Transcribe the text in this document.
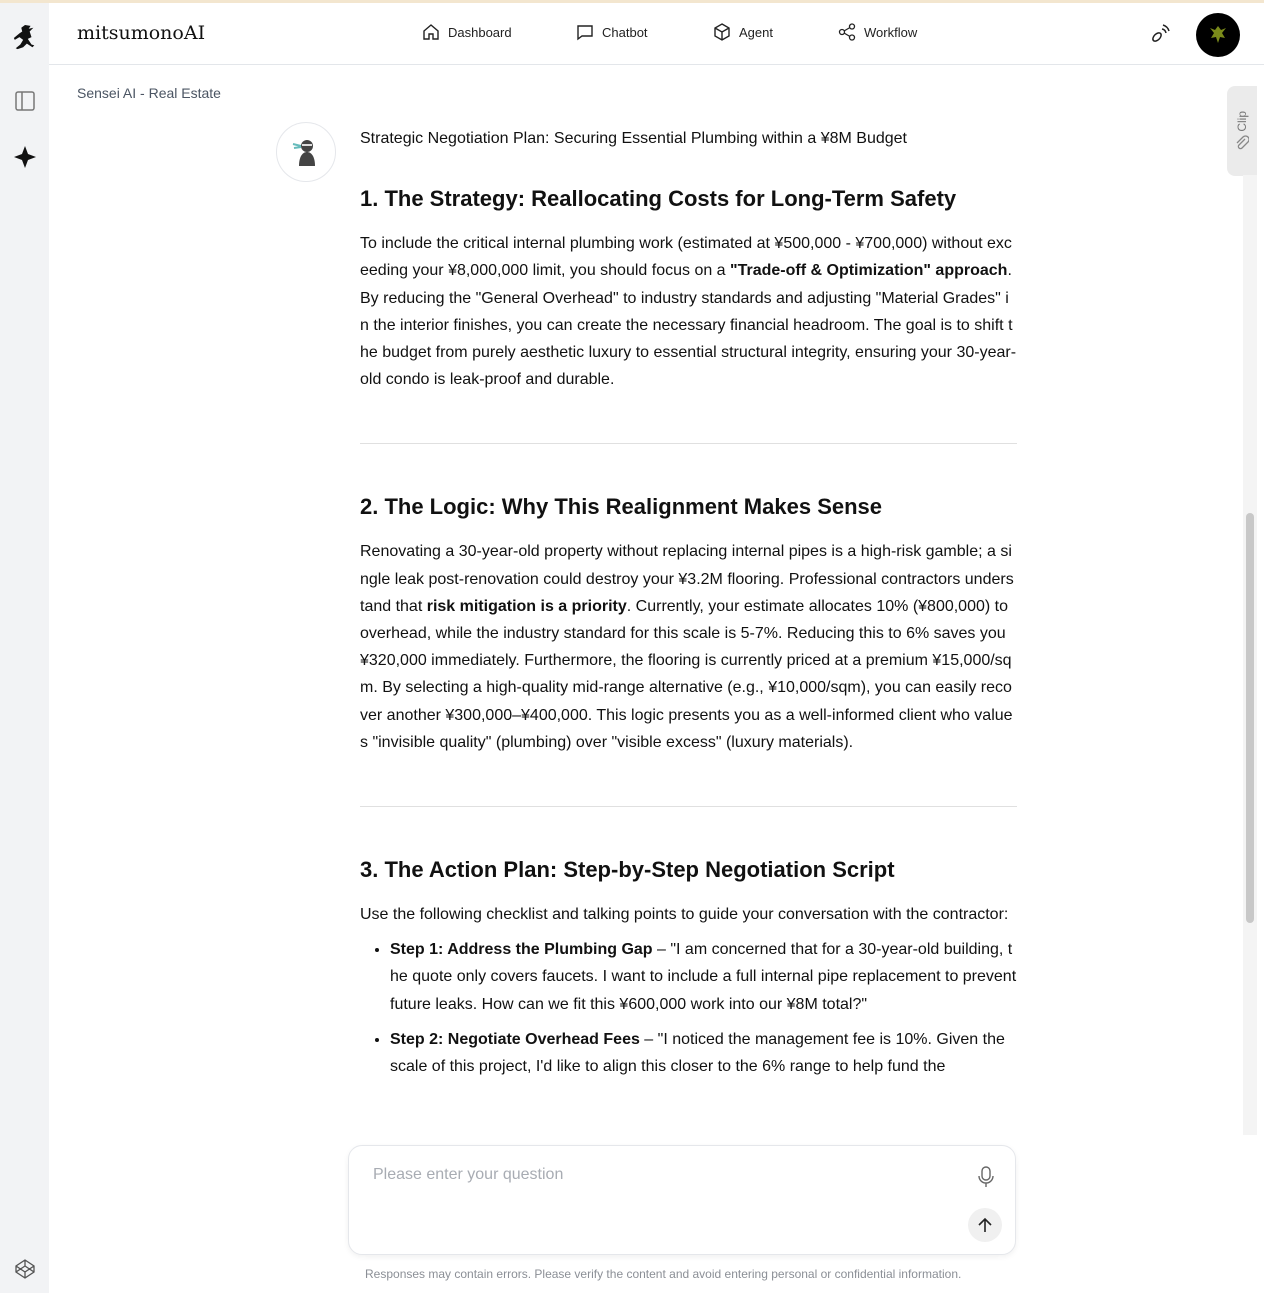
mitsumonoAI	Dashboard	Chatbot	Agent	Workflow
Sensei AI - Real Estate

Strategic Negotiation Plan: Securing Essential Plumbing within a ¥8M Budget

1. The Strategy: Reallocating Costs for Long-Term Safety

To include the critical internal plumbing work (estimated at ¥500,000 - ¥700,000) without exceeding your ¥8,000,000 limit, you should focus on a "Trade-off & Optimization" approach. By reducing the "General Overhead" to industry standards and adjusting "Material Grades" in the interior finishes, you can create the necessary financial headroom. The goal is to shift the budget from purely aesthetic luxury to essential structural integrity, ensuring your 30-year-old condo is leak-proof and durable.

2. The Logic: Why This Realignment Makes Sense

Renovating a 30-year-old property without replacing internal pipes is a high-risk gamble; a single leak post-renovation could destroy your ¥3.2M flooring. Professional contractors understand that risk mitigation is a priority. Currently, your estimate allocates 10% (¥800,000) to overhead, while the industry standard for this scale is 5-7%. Reducing this to 6% saves you ¥320,000 immediately. Furthermore, the flooring is currently priced at a premium ¥15,000/sqm. By selecting a high-quality mid-range alternative (e.g., ¥10,000/sqm), you can easily recover another ¥300,000–¥400,000. This logic presents you as a well-informed client who values "invisible quality" (plumbing) over "visible excess" (luxury materials).

3. The Action Plan: Step-by-Step Negotiation Script

Use the following checklist and talking points to guide your conversation with the contractor:

• Step 1: Address the Plumbing Gap – "I am concerned that for a 30-year-old building, the quote only covers faucets. I want to include a full internal pipe replacement to prevent future leaks. How can we fit this ¥600,000 work into our ¥8M total?"
• Step 2: Negotiate Overhead Fees – "I noticed the management fee is 10%. Given the scale of this project, I'd like to align this closer to the 6% range to help fund the
Clip
Please enter your question
Responses may contain errors. Please verify the content and avoid entering personal or confidential information.
